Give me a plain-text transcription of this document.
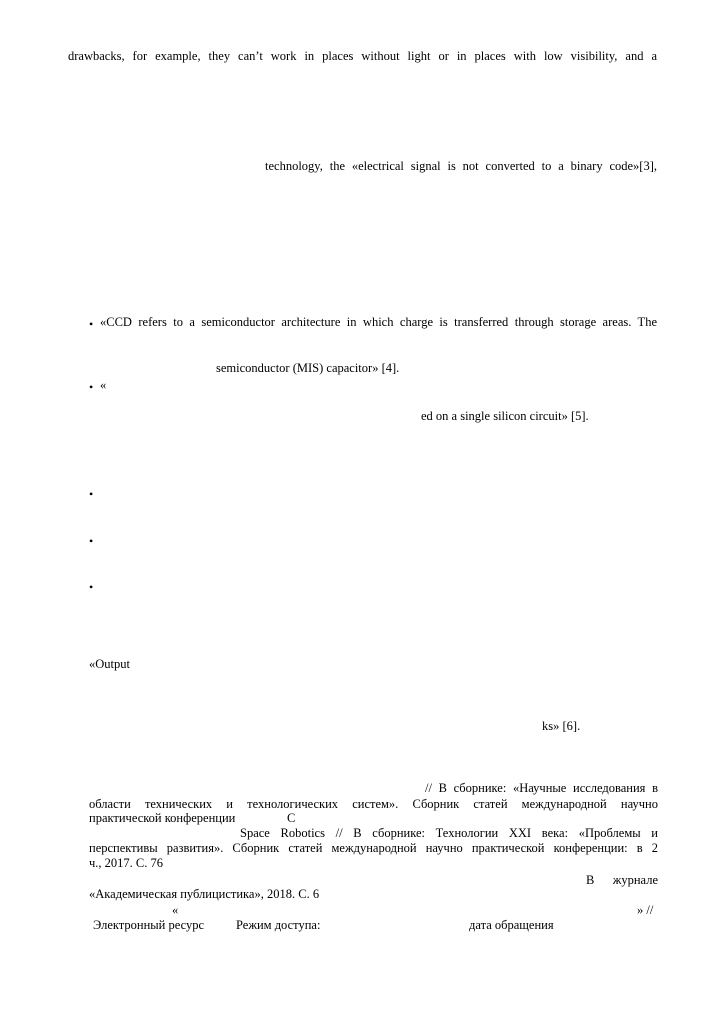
drawbacks, for example, they can’t work in places without light or in places with low visibility, and a
technology, the «electrical signal is not converted to a binary code»[3],
• «CCD refers to a semiconductor architecture in which charge is transferred through storage areas. The
semiconductor (MIS) capacitor» [4].
• «
ed on a single silicon circuit» [5].
•
•
•
«Output
ks» [6].
// В сборнике: «Научные исследования в
области технических и технологических систем». Сборник статей международной научно
практической конференции	С
Space Robotics // В сборнике: Технологии XXI века: «Проблемы и
перспективы развития». Сборник статей международной научно практической конференции: в 2
ч., 2017. С. 76
В журнале
«Академическая публицистика», 2018. С. 6
«	» //
Электронный ресурс	Режим доступа:	дата обращения
